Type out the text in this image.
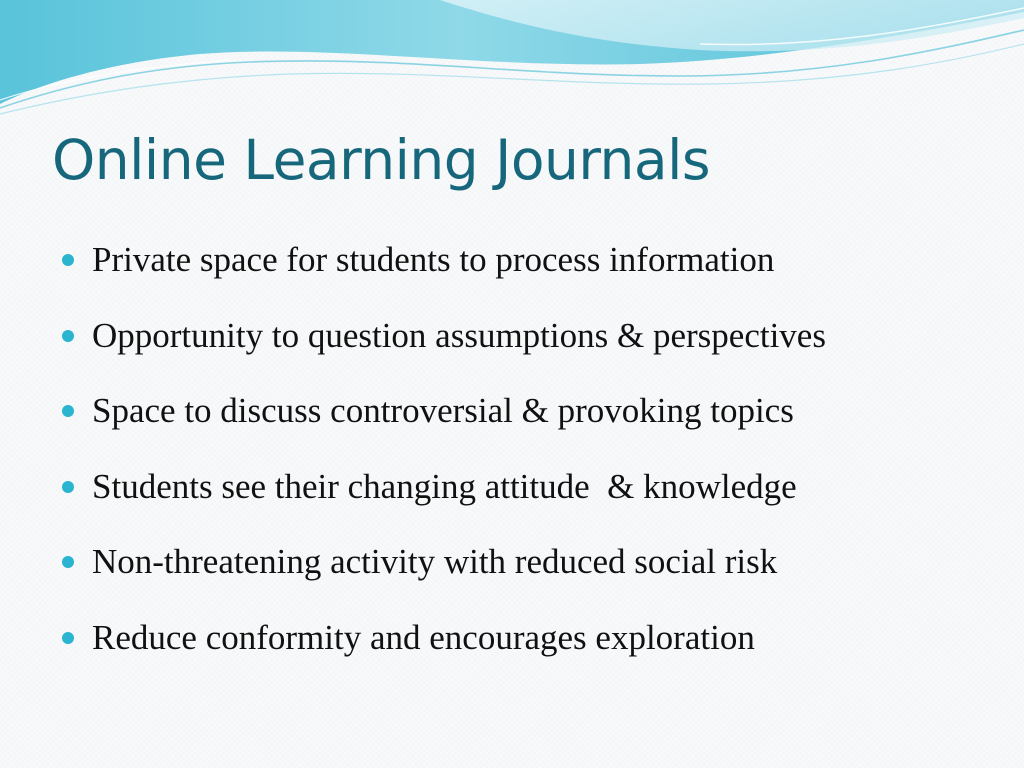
Online Learning Journals
Private space for students to process information
Opportunity to question assumptions & perspectives
Space to discuss controversial & provoking topics
Students see their changing attitude  & knowledge
Non-threatening activity with reduced social risk
Reduce conformity and encourages exploration
